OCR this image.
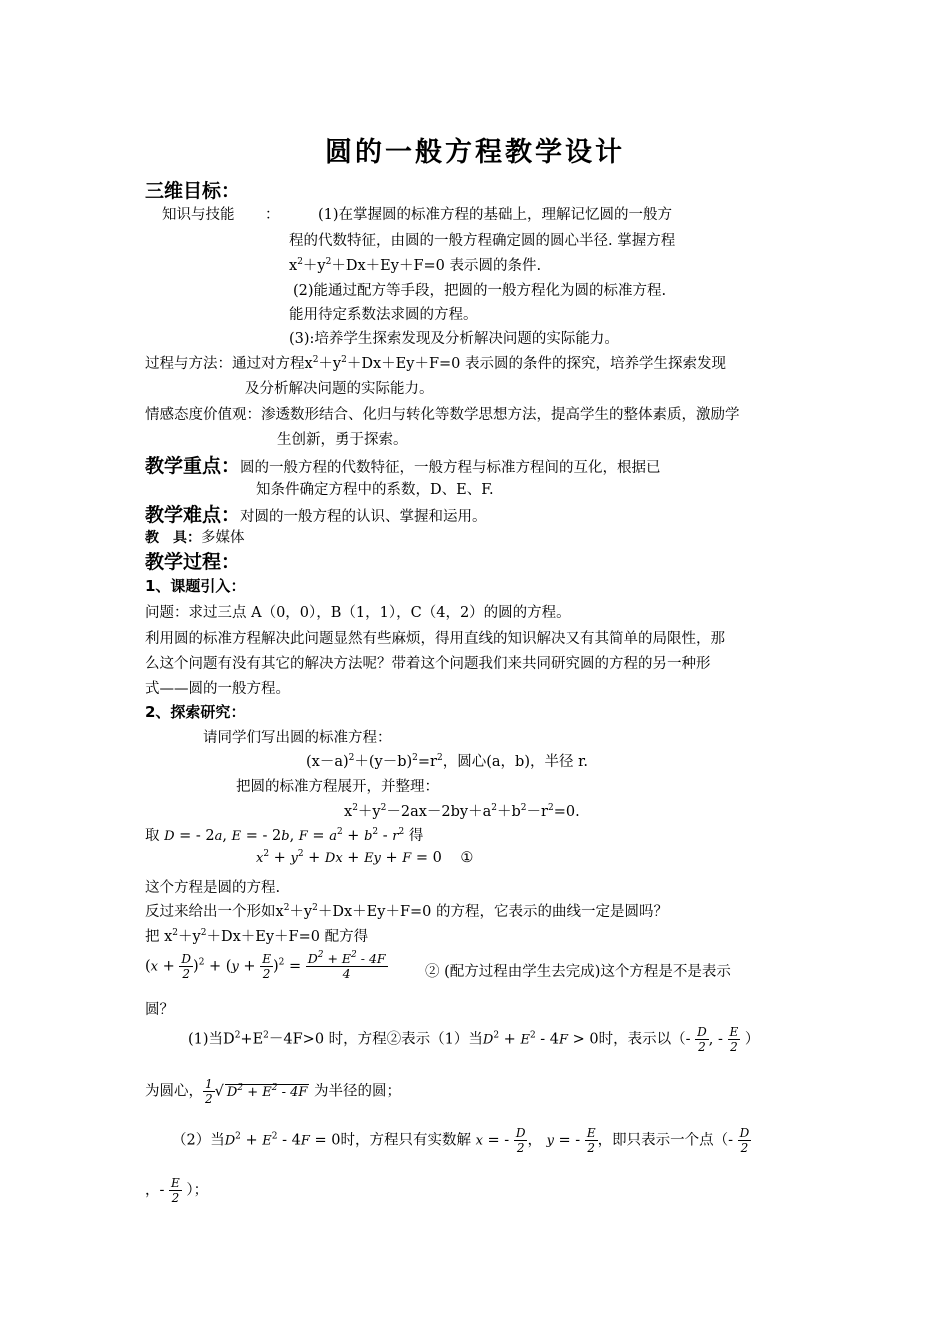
圆的一般方程教学设计
三维目标：
知识与技能 ：	(1)在掌握圆的标准方程的基础上，理解记忆圆的一般方
程的代数特征，由圆的一般方程确定圆的圆心半径. 掌握方程
$x^2+y^2+Dx+Ey+F=0$ 表示圆的条件.
(2)能通过配方等手段，把圆的一般方程化为圆的标准方程.
能用待定系数法求圆的方程。
(3):培养学生探索发现及分析解决问题的实际能力。
过程与方法：通过对方程$x^2+y^2+Dx+Ey+F=0$ 表示圆的条件的探究，培养学生探索发现
及分析解决问题的实际能力。
情感态度价值观：渗透数形结合、化归与转化等数学思想方法，提高学生的整体素质，激励学
生创新，勇于探索。
教学重点：圆的一般方程的代数特征，一般方程与标准方程间的互化，根据已
知条件确定方程中的系数，D、E、F.
教学难点：对圆的一般方程的认识、掌握和运用。
教　具：多媒体
教学过程：
1、课题引入：
问题：求过三点 A（0，0），B（1，1），C（4，2）的圆的方程。
利用圆的标准方程解决此问题显然有些麻烦，得用直线的知识解决又有其简单的局限性，那
么这个问题有没有其它的解决方法呢？带着这个问题我们来共同研究圆的方程的另一种形
式——圆的一般方程。
2、探索研究：
请同学们写出圆的标准方程：
$(x-a)^2+(y-b)^2=r^2$，圆心(a，b)，半径 r.
把圆的标准方程展开，并整理：
$x^2+y^2-2ax-2by+a^2+b^2-r^2=0$.
取 D = - 2a, E = - 2b, $F = a^2 + b^2 - r^2$ 得
$x^2 + y^2 + Dx + Ey + F = 0$    ①
这个方程是圆的方程.
反过来给出一个形如$x^2+y^2+Dx+Ey+F=0$ 的方程，它表示的曲线一定是圆吗？
把 $x^2+y^2+Dx+Ey+F=0$ 配方得
$(x + \frac{D}{2} )^2 + (y + \frac{E}{2} )^2 = \frac{D^2 + E^2 - 4F}{4}$	② (配方过程由学生去完成)这个方程是不是表示
圆？
(1)当$D^2+E^2-4F>0$ 时，方程②表示（1）当$D^2 + E^2 - 4F > 0$时，表示以（- $\frac{D}{2}$ , - $\frac{E}{2}$ ）
为圆心， $\frac{1}{2}$ √ $D^2 + E^2 - 4F$ 为半径的圆；
（2）当$D^2 + E^2 - 4F = 0$时，方程只有实数解 x = - $\frac{D}{2}$ ， y = - $\frac{E}{2}$ ，即只表示一个点（- $\frac{D}{2}$
，- $\frac{E}{2}$ ）；
